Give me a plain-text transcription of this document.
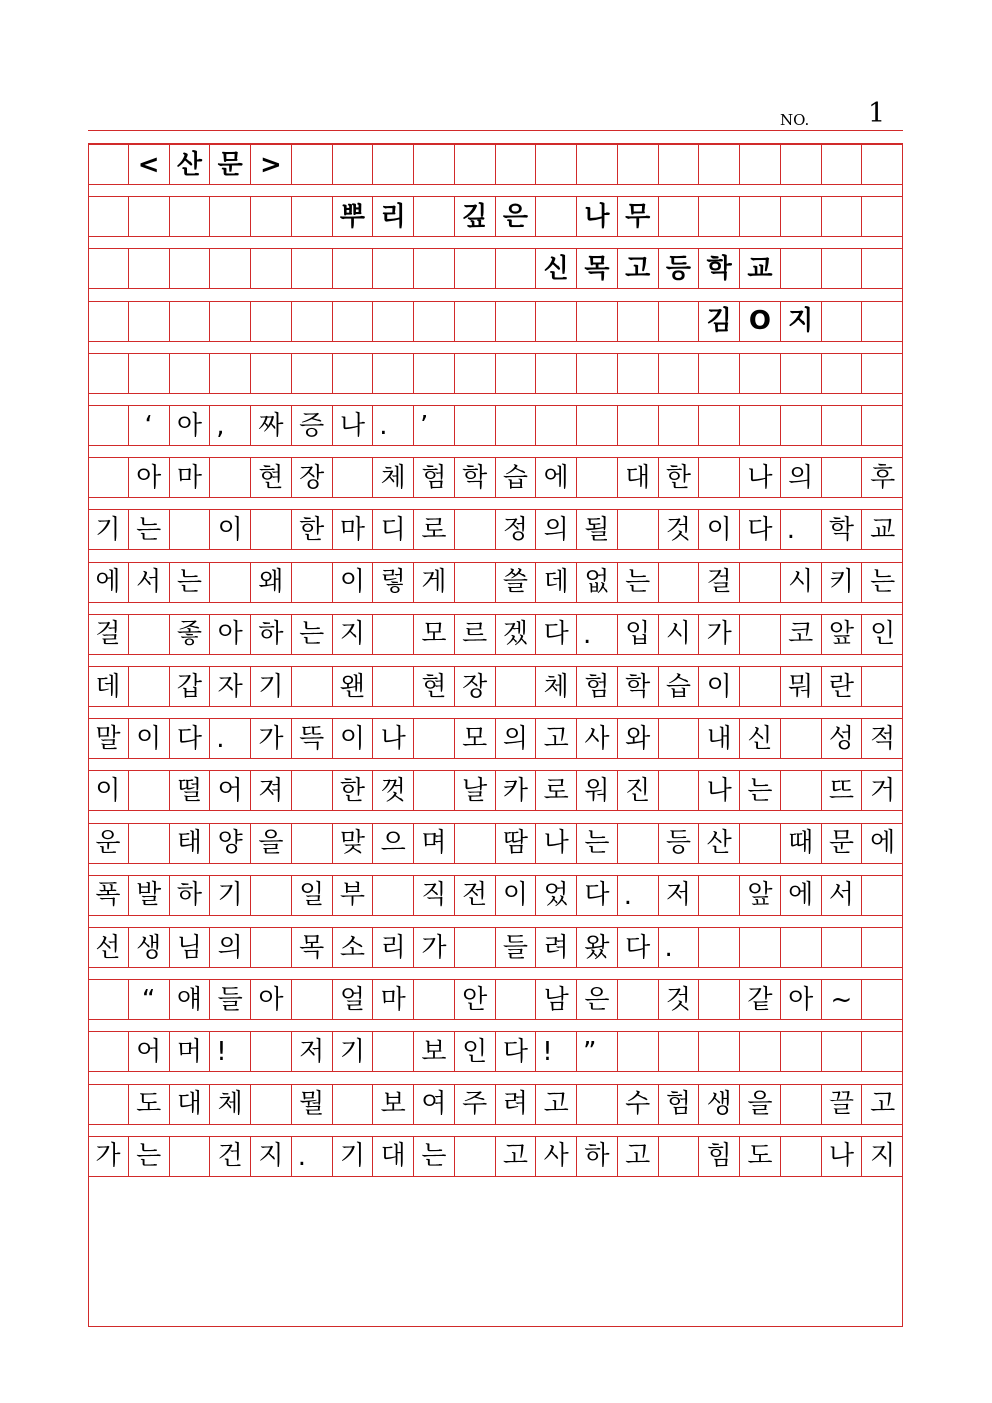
NO. 1
< 산 문 >
뿌 리	깊 은	나 무
신 목 고 등 학 교
김 O 지
‘ 아 ,	짜 증 나 .	’
아 마	현 장	체 험 학 습 에	대 한	나 의	후
기 는	이	한 마 디 로	정 의 될	것 이 다 .	학 교
에 서 는	왜	이 렇 게	쓸 데 없 는	걸	시 키 는
걸	좋 아 하 는 지	모 르 겠 다 .	입 시 가	코 앞 인
데	갑 자 기	왠	현 장	체 험 학 습 이	뭐 란
말 이 다 .	가 뜩 이 나	모 의 고 사 와	내 신	성 적
이	떨 어 져	한 껏	날 카 로 워 진	나 는	뜨 거
운	태 양 을	맞 으 며	땀 나 는	등 산	때 문 에
폭 발 하 기	일 부	직 전 이 었 다 .	저	앞 에 서
선 생 님 의	목 소 리 가	들 려 왔 다 .
“ 얘 들 아	얼 마	안	남 은	것	같 아 ~
어 머 !	저 기	보 인 다 !	”
도 대 체	뭘	보 여 주 려 고	수 험 생 을	끌 고
가 는	건 지 .	기 대 는	고 사 하 고	힘 도	나 지
